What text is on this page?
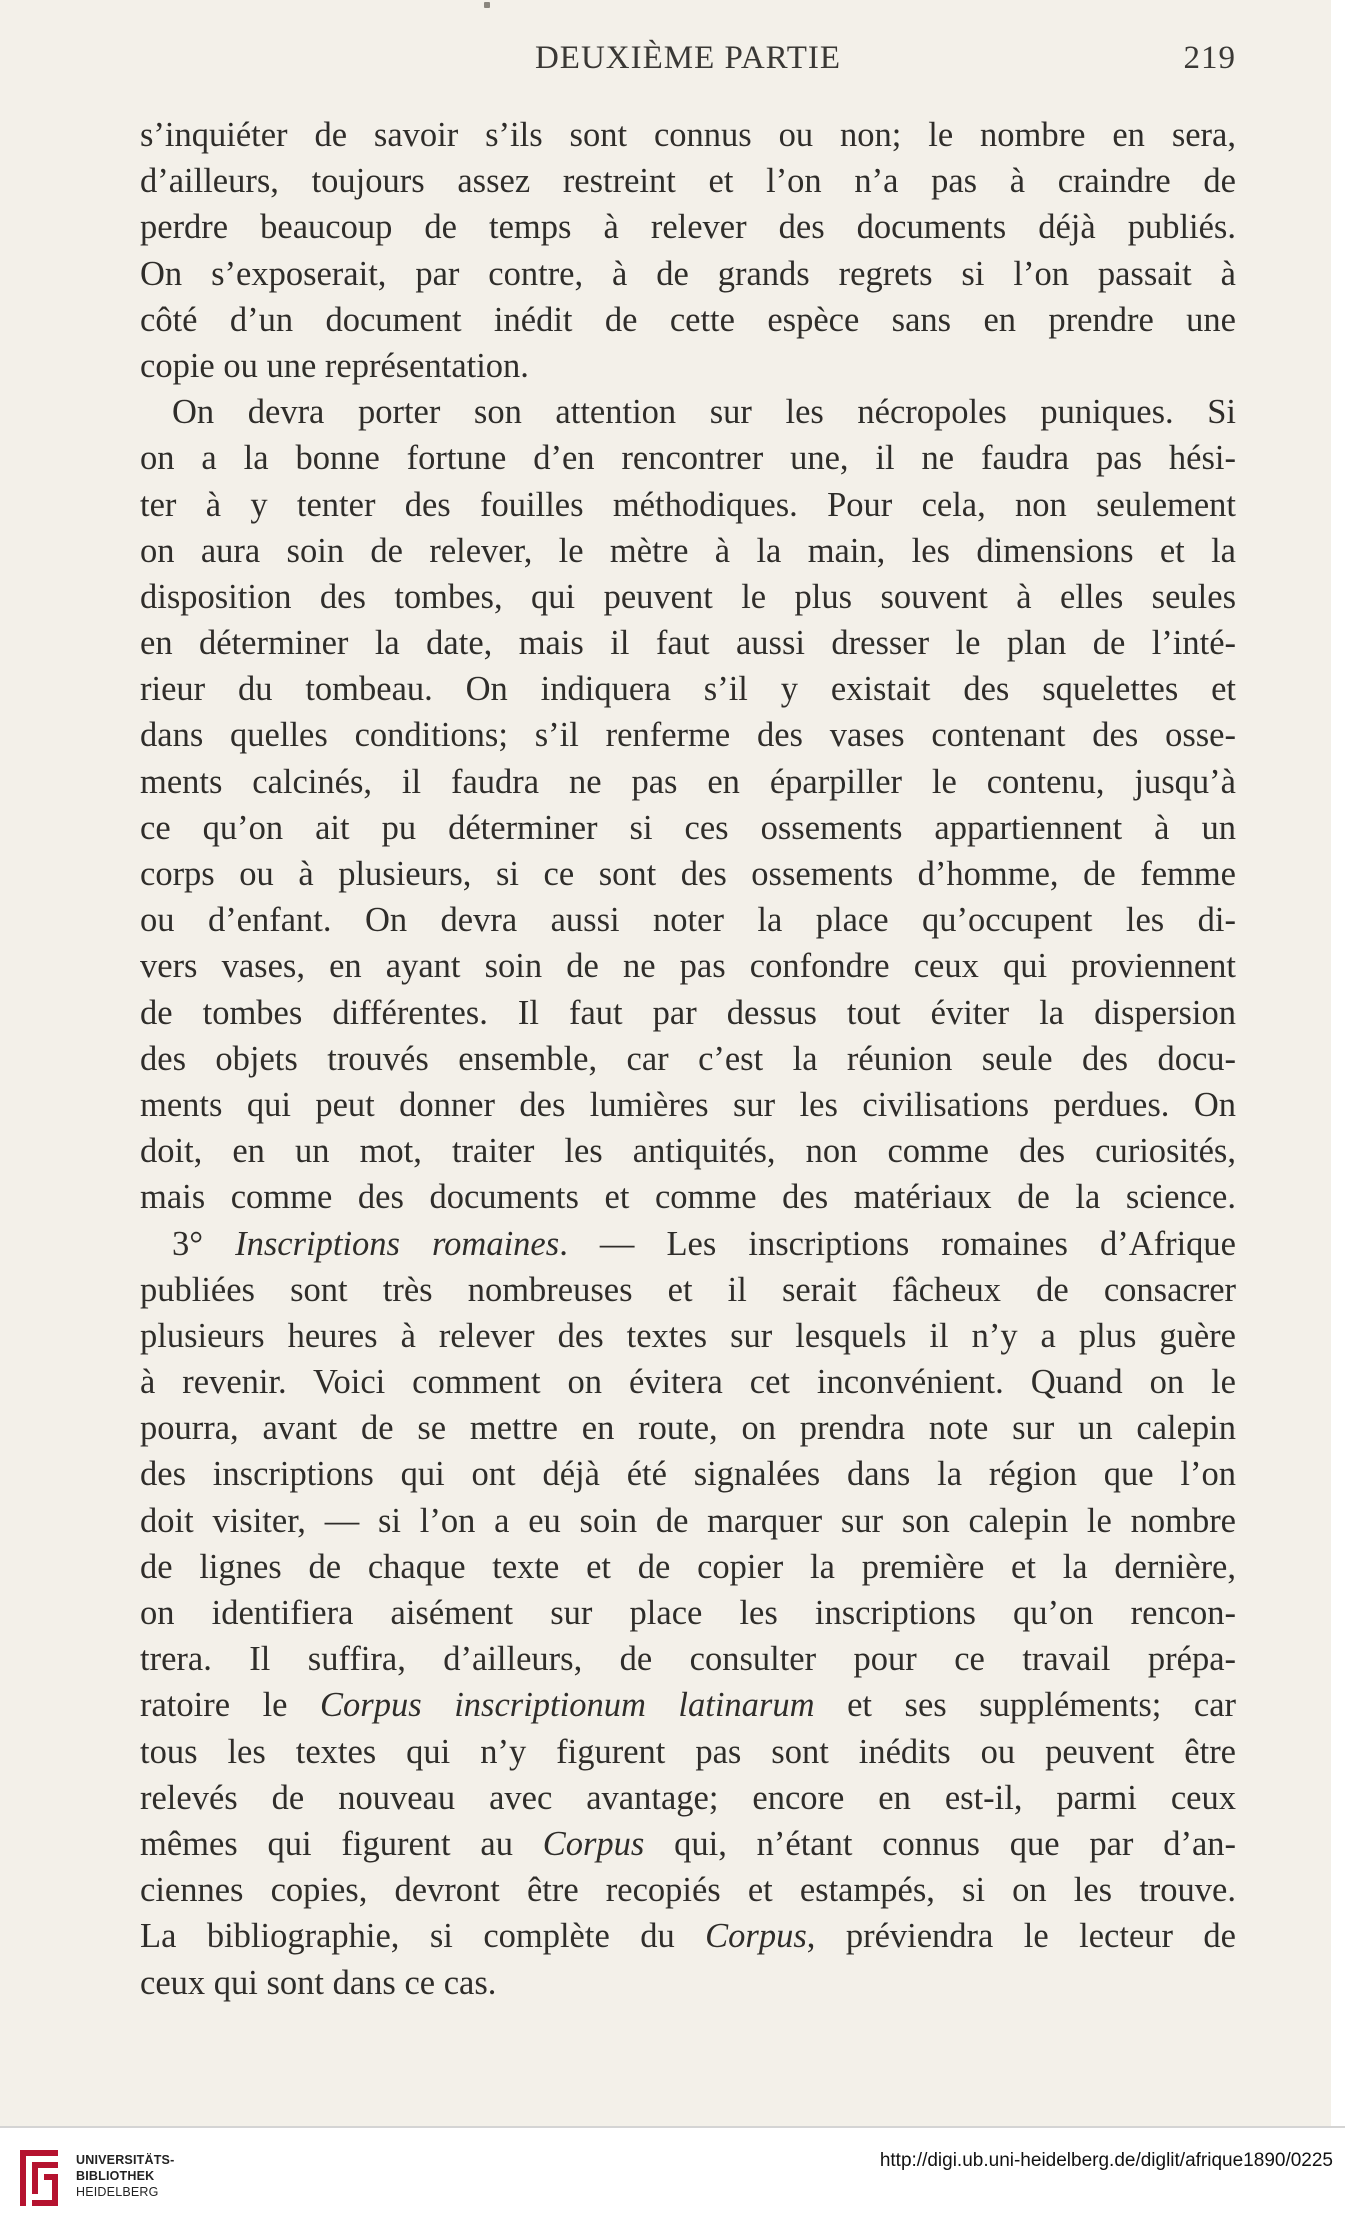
DEUXIÈME PARTIE	219
s’inquiéter de savoir s’ils sont connus ou non; le nombre en sera,
d’ailleurs, toujours assez restreint et l’on n’a pas à craindre de
perdre beaucoup de temps à relever des documents déjà publiés.
On s’exposerait, par contre, à de grands regrets si l’on passait à
côté d’un document inédit de cette espèce sans en prendre une
copie ou une représentation.
On devra porter son attention sur les nécropoles puniques. Si
on a la bonne fortune d’en rencontrer une, il ne faudra pas hési-
ter à y tenter des fouilles méthodiques. Pour cela, non seulement
on aura soin de relever, le mètre à la main, les dimensions et la
disposition des tombes, qui peuvent le plus souvent à elles seules
en déterminer la date, mais il faut aussi dresser le plan de l’inté-
rieur du tombeau. On indiquera s’il y existait des squelettes et
dans quelles conditions; s’il renferme des vases contenant des osse-
ments calcinés, il faudra ne pas en éparpiller le contenu, jusqu’à
ce qu’on ait pu déterminer si ces ossements appartiennent à un
corps ou à plusieurs, si ce sont des ossements d’homme, de femme
ou d’enfant. On devra aussi noter la place qu’occupent les di-
vers vases, en ayant soin de ne pas confondre ceux qui proviennent
de tombes différentes. Il faut par dessus tout éviter la dispersion
des objets trouvés ensemble, car c’est la réunion seule des docu-
ments qui peut donner des lumières sur les civilisations perdues. On
doit, en un mot, traiter les antiquités, non comme des curiosités,
mais comme des documents et comme des matériaux de la science.
3° Inscriptions romaines. — Les inscriptions romaines d’Afrique
publiées sont très nombreuses et il serait fâcheux de consacrer
plusieurs heures à relever des textes sur lesquels il n’y a plus guère
à revenir. Voici comment on évitera cet inconvénient. Quand on le
pourra, avant de se mettre en route, on prendra note sur un calepin
des inscriptions qui ont déjà été signalées dans la région que l’on
doit visiter, — si l’on a eu soin de marquer sur son calepin le nombre
de lignes de chaque texte et de copier la première et la dernière,
on identifiera aisément sur place les inscriptions qu’on rencon-
trera. Il suffira, d’ailleurs, de consulter pour ce travail prépa-
ratoire le Corpus inscriptionum latinarum et ses suppléments; car
tous les textes qui n’y figurent pas sont inédits ou peuvent être
relevés de nouveau avec avantage; encore en est-il, parmi ceux
mêmes qui figurent au Corpus qui, n’étant connus que par d’an-
ciennes copies, devront être recopiés et estampés, si on les trouve.
La bibliographie, si complète du Corpus, préviendra le lecteur de
ceux qui sont dans ce cas.
UNIVERSITÄTS-
BIBLIOTHEK
HEIDELBERG
http://digi.ub.uni-heidelberg.de/diglit/afrique1890/0225
